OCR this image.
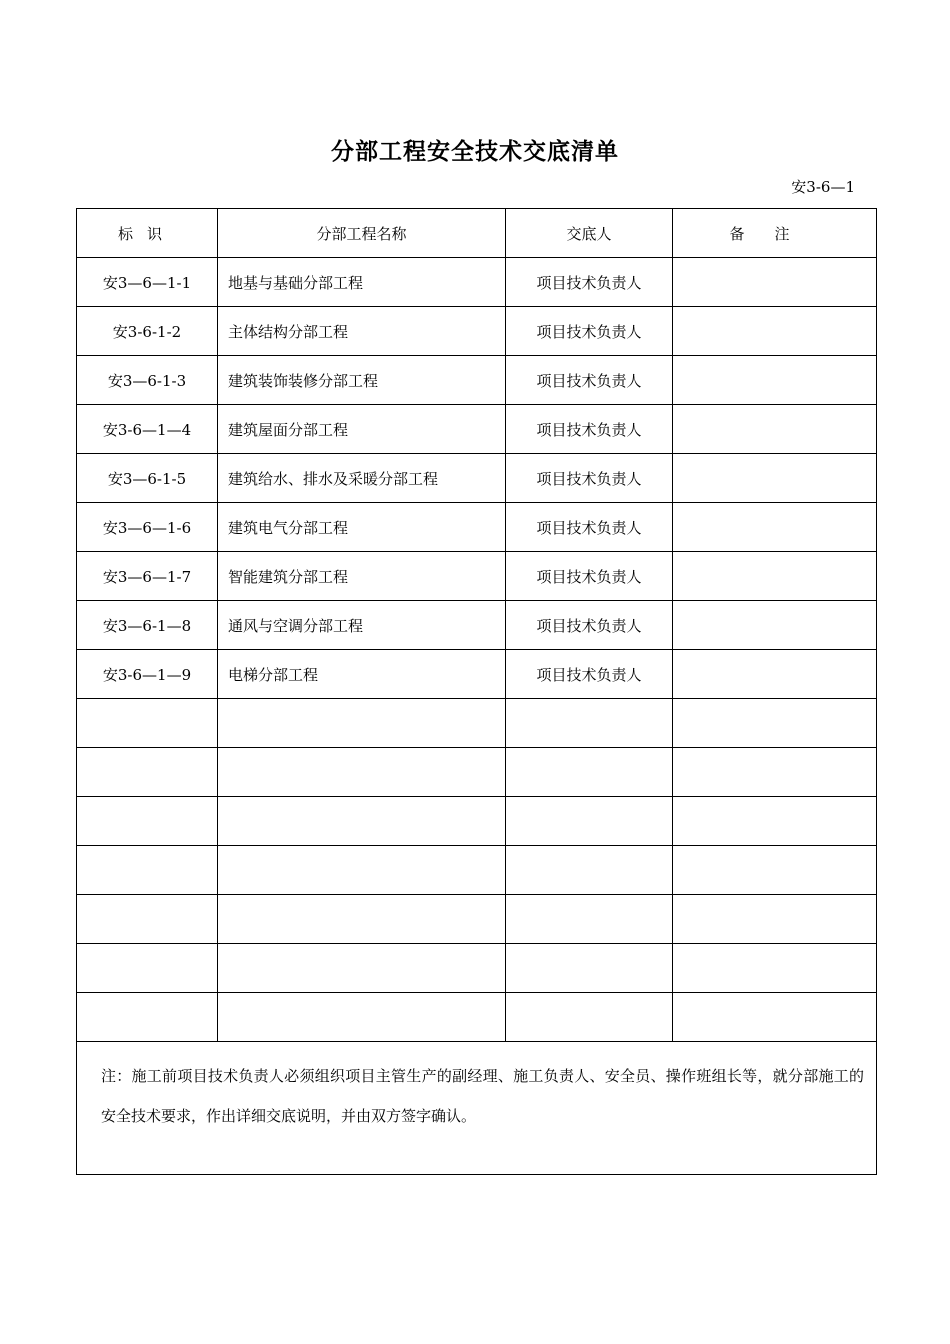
分部工程安全技术交底清单
安3-6—1
标识	分部工程名称	交底人	备注
安3—6—1-1	地基与基础分部工程	项目技术负责人	
安3-6-1-2	主体结构分部工程	项目技术负责人	
安3—6-1-3	建筑装饰装修分部工程	项目技术负责人	
安3-6—1—4	建筑屋面分部工程	项目技术负责人	
安3—6-1-5	建筑给水、排水及采暖分部工程	项目技术负责人	
安3—6—1-6	建筑电气分部工程	项目技术负责人	
安3—6—1-7	智能建筑分部工程	项目技术负责人	
安3—6-1—8	通风与空调分部工程	项目技术负责人	
安3-6—1—9	电梯分部工程	项目技术负责人	

注：施工前项目技术负责人必须组织项目主管生产的副经理、施工负责人、安全员、操作班组长等，就分部施工的安全技术要求，作出详细交底说明，并由双方签字确认。			
